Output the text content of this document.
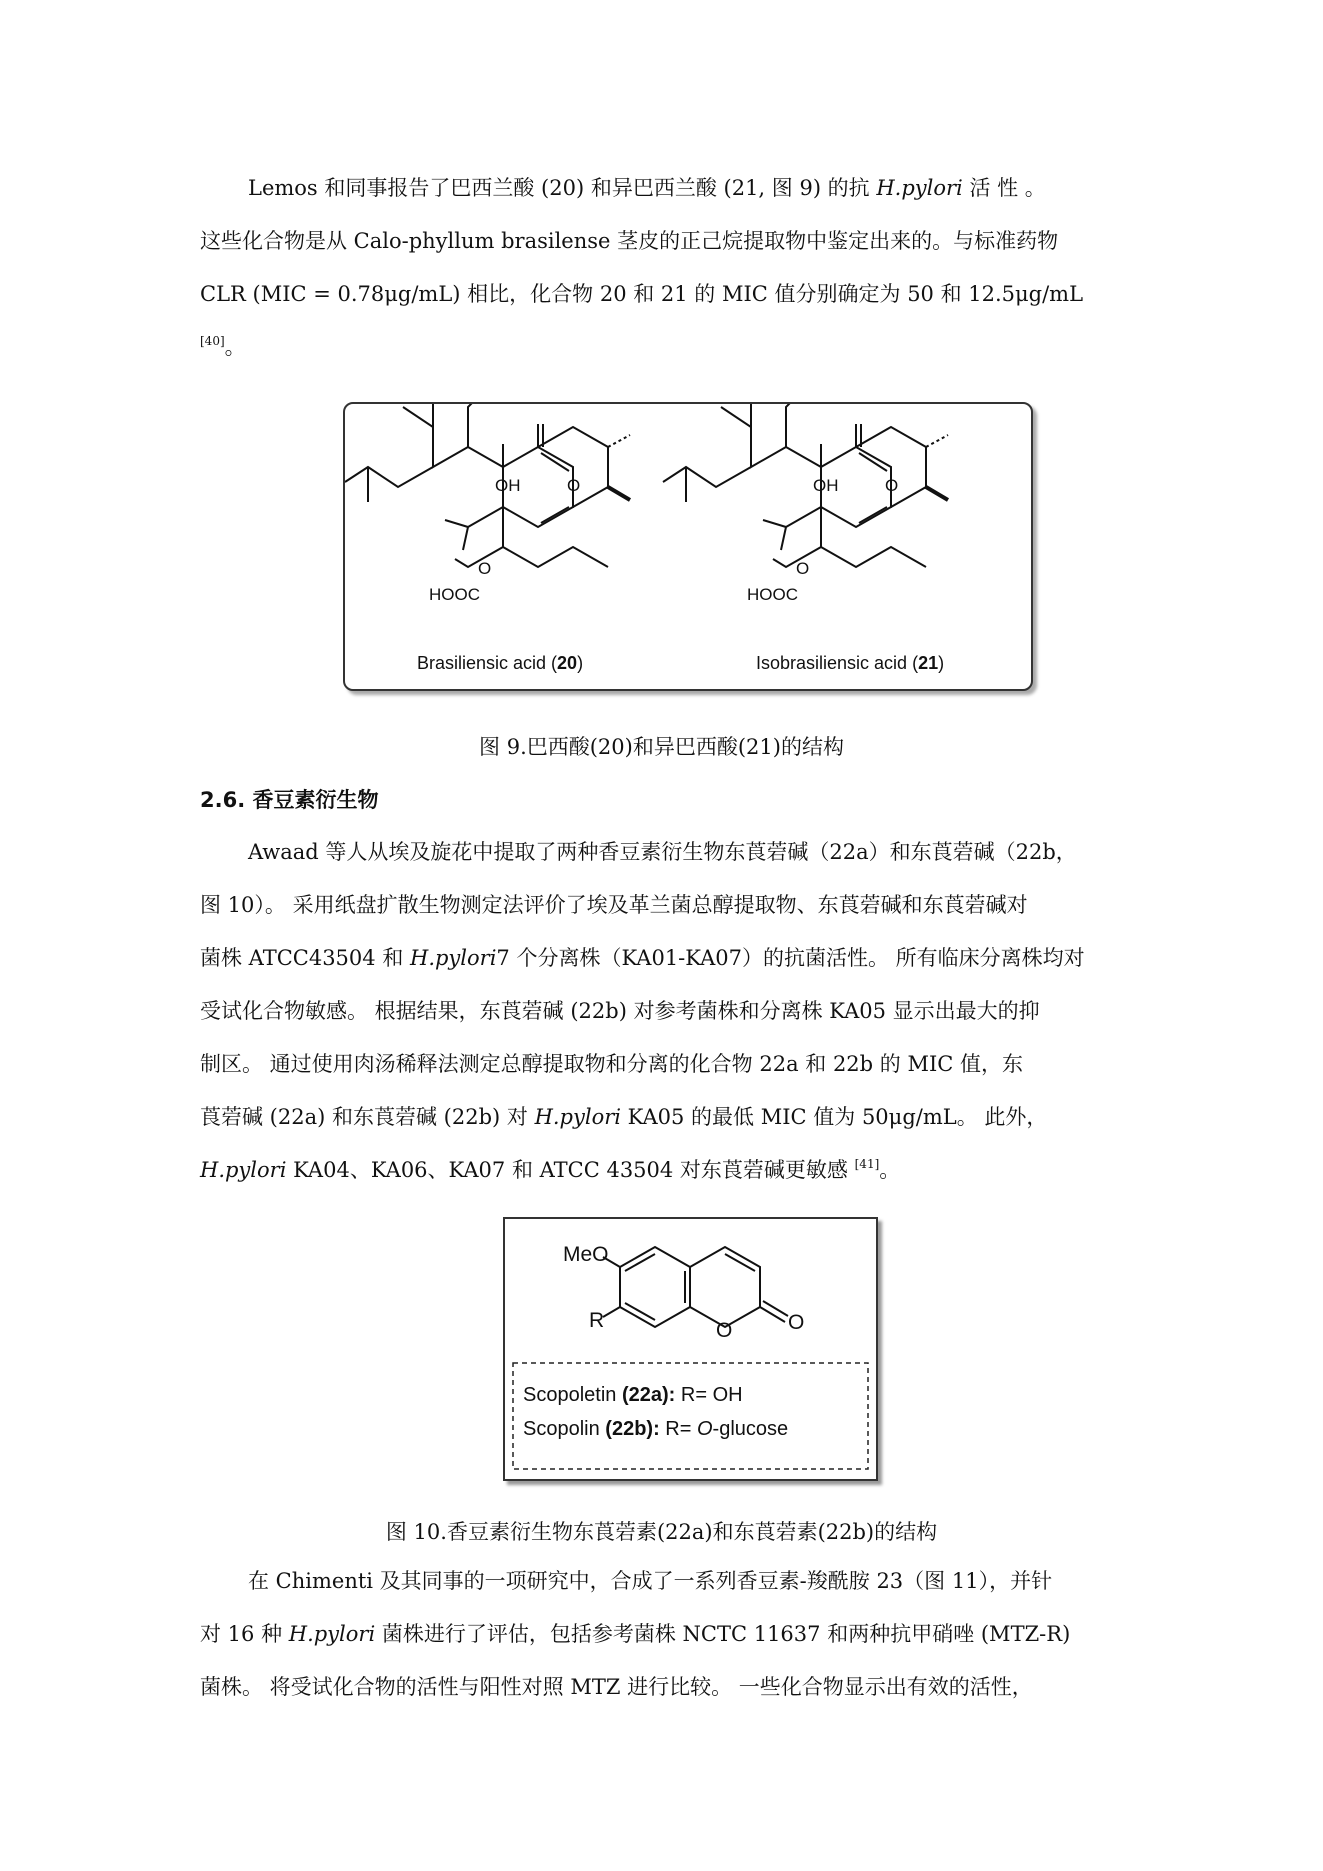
Lemos 和同事报告了巴西兰酸 (20) 和异巴西兰酸 (21, 图 9) 的抗 H.pylori 活 性 。
这些化合物是从 Calo-phyllum brasilense 茎皮的正己烷提取物中鉴定出来的。与标准药物
CLR (MIC = 0.78μg/mL) 相比，化合物 20 和 21 的 MIC 值分别确定为 50 和 12.5μg/mL
[40]。
OH	O
O
HOOC
OH	O
O
HOOC
Brasiliensic acid (20)	Isobrasiliensic acid (21)
图 9.巴西酸(20)和异巴西酸(21)的结构
2.6. 香豆素衍生物
Awaad 等人从埃及旋花中提取了两种香豆素衍生物东莨菪碱（22a）和东莨菪碱（22b，
图 10）。 采用纸盘扩散生物测定法评价了埃及革兰菌总醇提取物、东莨菪碱和东莨菪碱对
菌株 ATCC43504 和 H.pylori7 个分离株（KA01-KA07）的抗菌活性。 所有临床分离株均对
受试化合物敏感。 根据结果，东莨菪碱 (22b) 对参考菌株和分离株 KA05 显示出最大的抑
制区。 通过使用肉汤稀释法测定总醇提取物和分离的化合物 22a 和 22b 的 MIC 值，东
莨菪碱 (22a) 和东莨菪碱 (22b) 对 H.pylori KA05 的最低 MIC 值为 50μg/mL。 此外，
H.pylori KA04、KA06、KA07 和 ATCC 43504 对东莨菪碱更敏感 [41]。
MeO
R	O	O
Scopoletin (22a): R= OH
Scopolin (22b): R= O-glucose
图 10.香豆素衍生物东莨菪素(22a)和东莨菪素(22b)的结构
在 Chimenti 及其同事的一项研究中，合成了一系列香豆素-羧酰胺 23（图 11），并针
对 16 种 H.pylori 菌株进行了评估，包括参考菌株 NCTC 11637 和两种抗甲硝唑 (MTZ-R)
菌株。 将受试化合物的活性与阳性对照 MTZ 进行比较。 一些化合物显示出有效的活性，
